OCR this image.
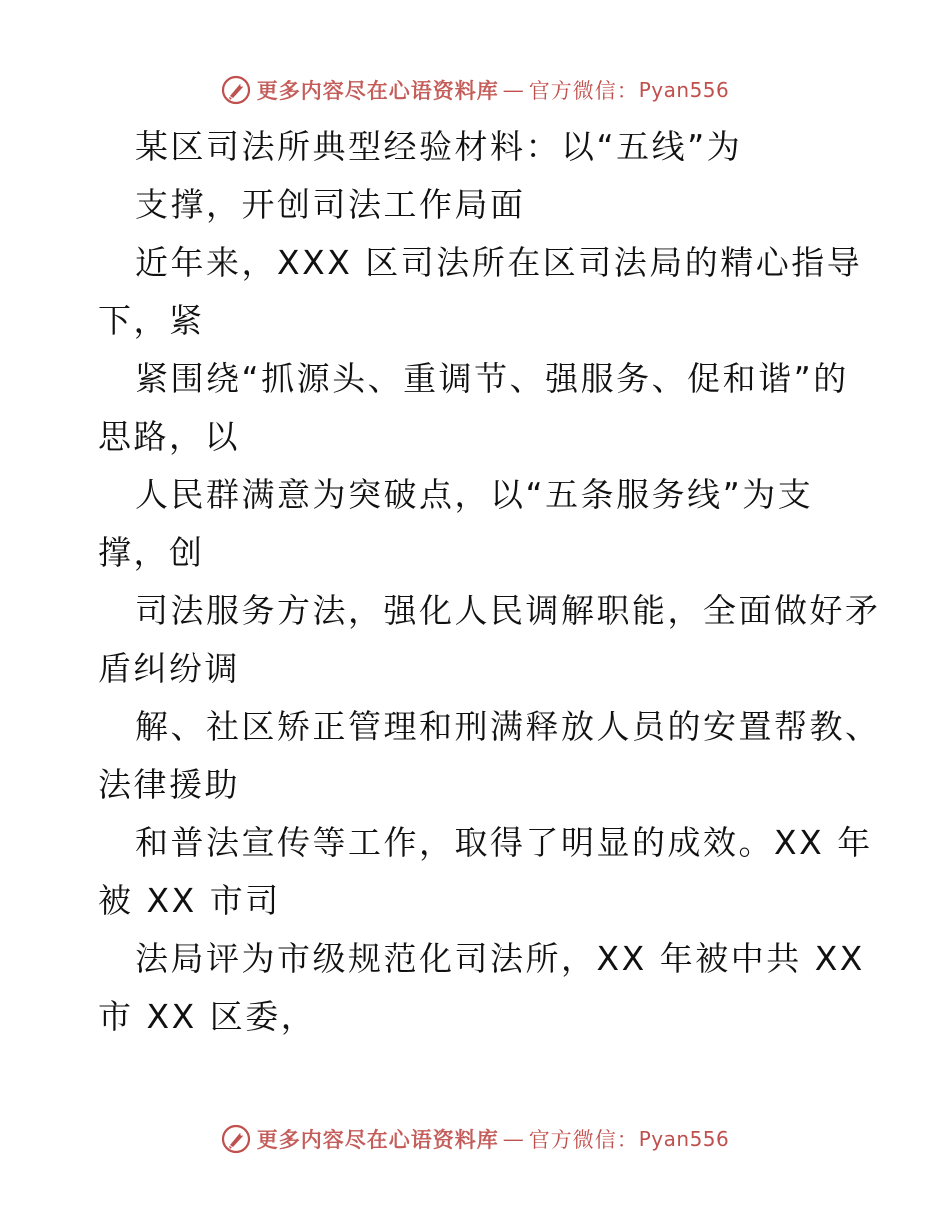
更多内容尽在心语资料库 — 官方微信： Pyan556
某区司法所典型经验材料：以“五线”为
支撑，开创司法工作局面
近年来，XXX 区司法所在区司法局的精心指导
下，紧
紧围绕“抓源头、重调节、强服务、促和谐”的
思路，以
人民群满意为突破点，以“五条服务线”为支
撑，创
司法服务方法，强化人民调解职能，全面做好矛
盾纠纷调
解、社区矫正管理和刑满释放人员的安置帮教、
法律援助
和普法宣传等工作，取得了明显的成效。XX 年
被 XX 市司
法局评为市级规范化司法所，XX 年被中共 XX
市 XX 区委，
更多内容尽在心语资料库 — 官方微信： Pyan556
